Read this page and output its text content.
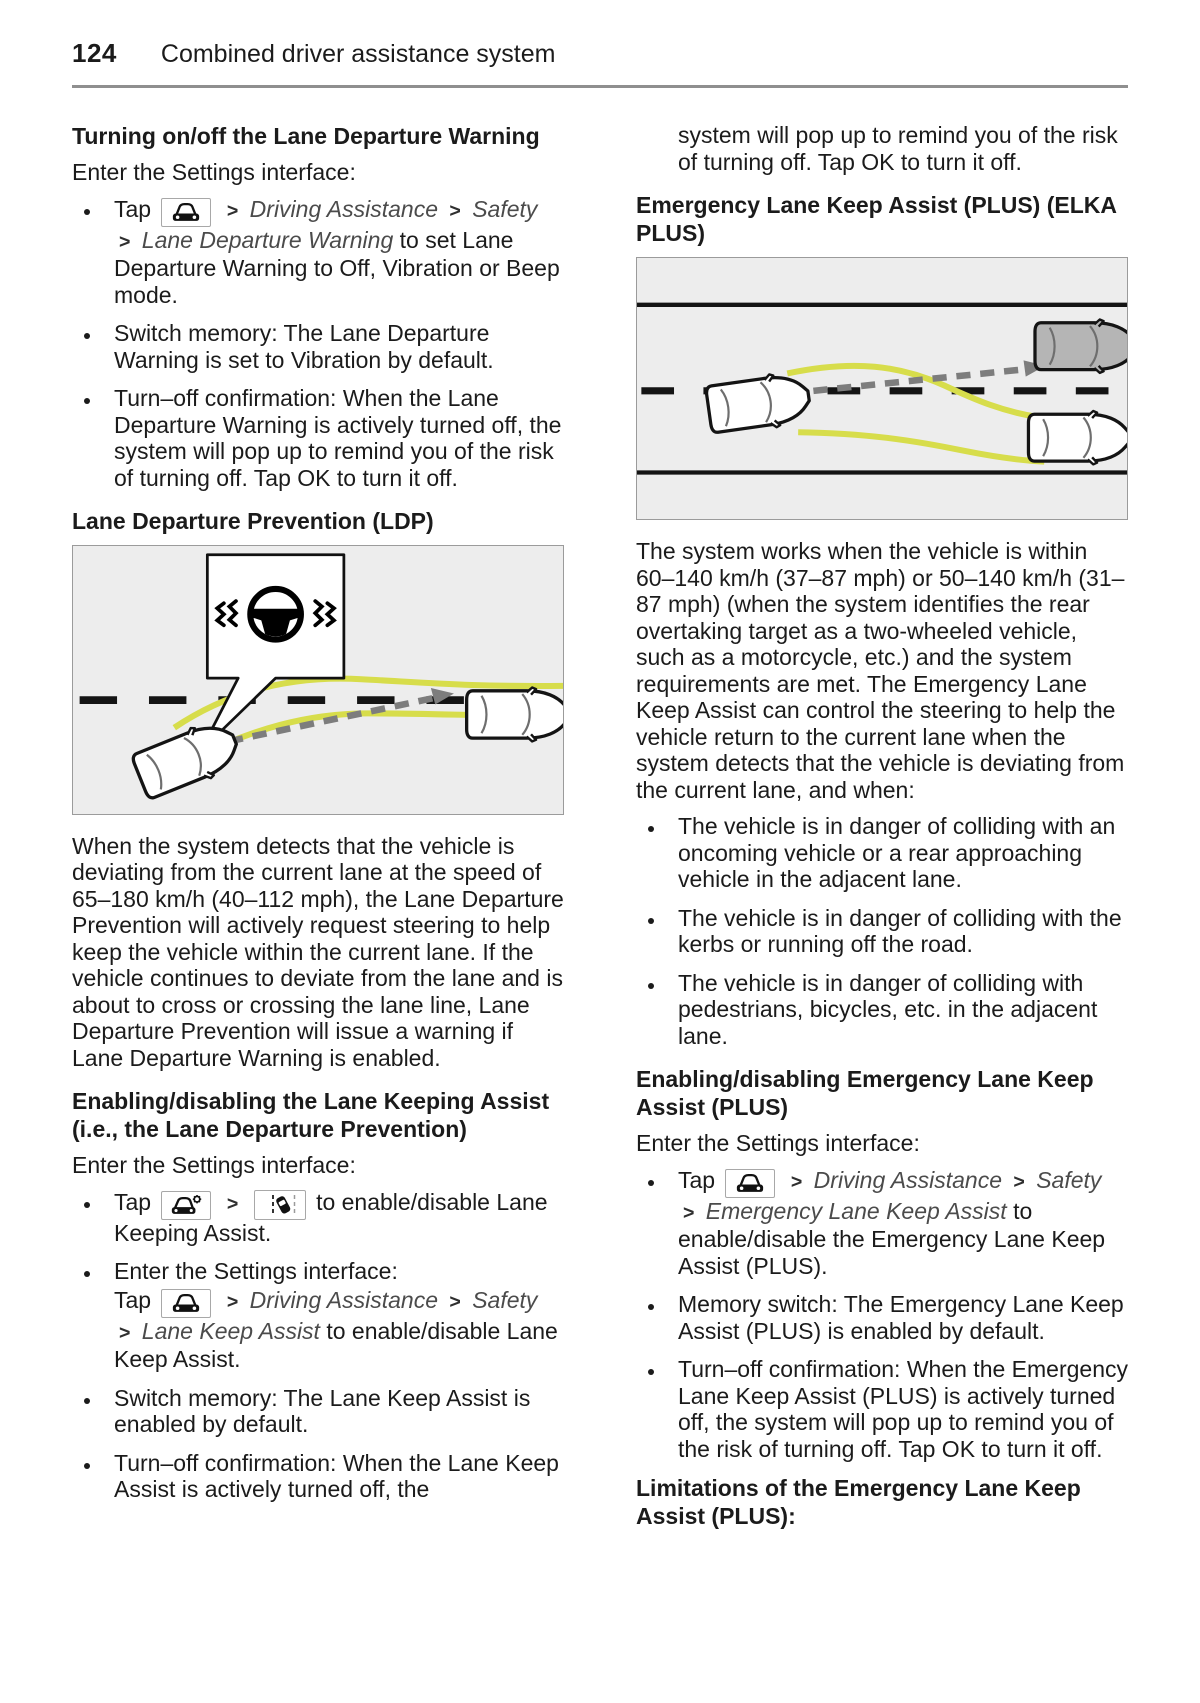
124 Combined driver assistance system
Turning on/off the Lane Departure Warning

Enter the Settings interface:

• Tap	> Driving Assistance > Safety > Lane Departure Warning to set Lane Departure Warning to Off, Vibration or Beep mode.
• Switch memory: The Lane Departure Warning is set to Vibration by default.
• Turn–off confirmation: When the Lane Departure Warning is actively turned off, the system will pop up to remind you of the risk of turning off. Tap OK to turn it off.
Lane Departure Prevention (LDP)

When the system detects that the vehicle is deviating from the current lane at the speed of 65–180 km/h (40–112 mph), the Lane Departure Prevention will actively request steering to help keep the vehicle within the current lane. If the vehicle continues to deviate from the lane and is about to cross or crossing the lane line, Lane Departure Prevention will issue a warning if Lane Departure Warning is enabled.

Enabling/disabling the Lane Keeping Assist (i.e., the Lane Departure Prevention)

Enter the Settings interface:

• Tap	>	to enable/disable Lane Keeping Assist.
• Enter the Settings interface:
Tap	> Driving Assistance > Safety > Lane Keep Assist to enable/disable Lane Keep Assist.
• Switch memory: The Lane Keep Assist is enabled by default.
• Turn–off confirmation: When the Lane Keep Assist is actively turned off, the

system will pop up to remind you of the risk of turning off. Tap OK to turn it off.

Emergency Lane Keep Assist (PLUS) (ELKA PLUS)

The system works when the vehicle is within 60–140 km/h (37–87 mph) or 50–140 km/h (31–87 mph) (when the system identifies the rear overtaking target as a two-wheeled vehicle, such as a motorcycle, etc.) and the system requirements are met. The Emergency Lane Keep Assist can control the steering to help the vehicle return to the current lane when the system detects that the vehicle is deviating from the current lane, and when:

• The vehicle is in danger of colliding with an oncoming vehicle or a rear approaching vehicle in the adjacent lane.
• The vehicle is in danger of colliding with the kerbs or running off the road.
• The vehicle is in danger of colliding with pedestrians, bicycles, etc. in the adjacent lane.
Enabling/disabling Emergency Lane Keep Assist (PLUS)

Enter the Settings interface:

• Tap	> Driving Assistance > Safety > Emergency Lane Keep Assist to enable/disable the Emergency Lane Keep Assist (PLUS).
• Memory switch: The Emergency Lane Keep Assist (PLUS) is enabled by default.
• Turn–off confirmation: When the Emergency Lane Keep Assist (PLUS) is actively turned off, the system will pop up to remind you of the risk of turning off. Tap OK to turn it off.
Limitations of the Emergency Lane Keep Assist (PLUS):
